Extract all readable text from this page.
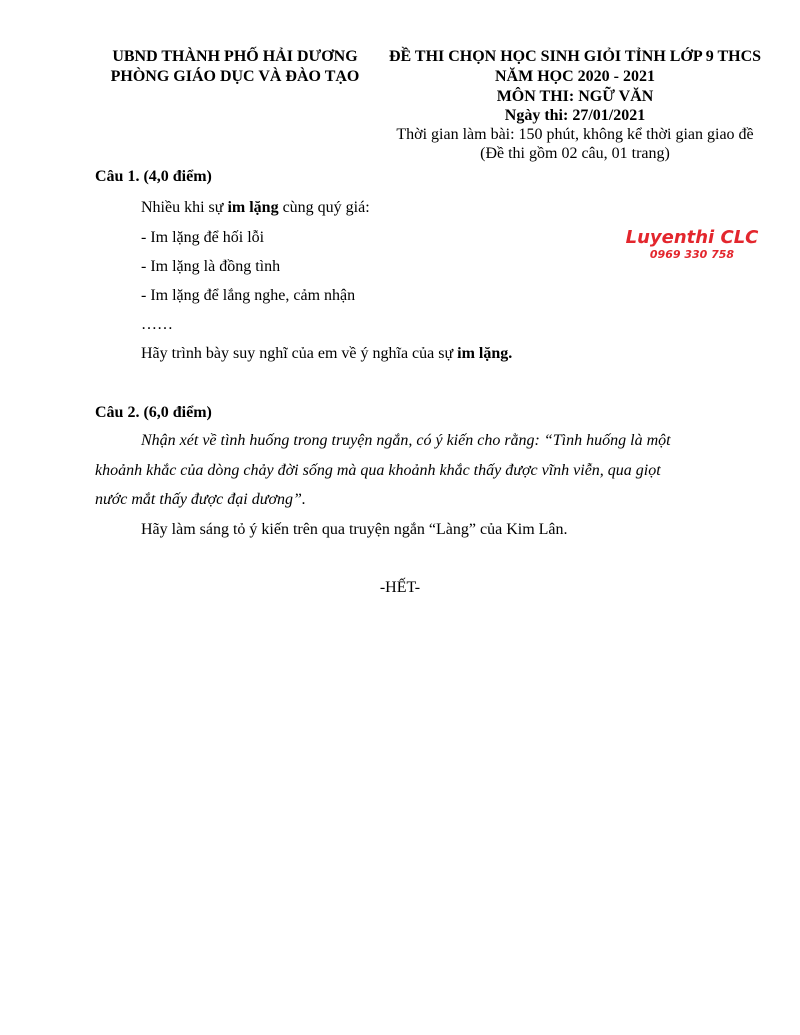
UBND THÀNH PHỐ HẢI DƯƠNG
PHÒNG GIÁO DỤC VÀ ĐÀO TẠO
ĐỀ THI CHỌN HỌC SINH GIỎI TỈNH LỚP 9 THCS
NĂM HỌC 2020 - 2021
MÔN THI: NGỮ VĂN
Ngày thi: 27/01/2021
Thời gian làm bài: 150 phút, không kể thời gian giao đề
(Đề thi gồm 02 câu, 01 trang)
Luyenthi CLC
0969 330 758
Câu 1. (4,0 điểm)
Nhiều khi sự im lặng cùng quý giá:
- Im lặng để hối lỗi
- Im lặng là đồng tình
- Im lặng để lắng nghe, cảm nhận
……
Hãy trình bày suy nghĩ của em về ý nghĩa của sự im lặng.
Câu 2. (6,0 điểm)
Nhận xét về tình huống trong truyện ngắn, có ý kiến cho rằng: “Tình huống là một
khoảnh khắc của dòng chảy đời sống mà qua khoảnh khắc thấy được vĩnh viễn, qua giọt
nước mắt thấy được đại dương”.
Hãy làm sáng tỏ ý kiến trên qua truyện ngắn “Làng” của Kim Lân.
-HẾT-
